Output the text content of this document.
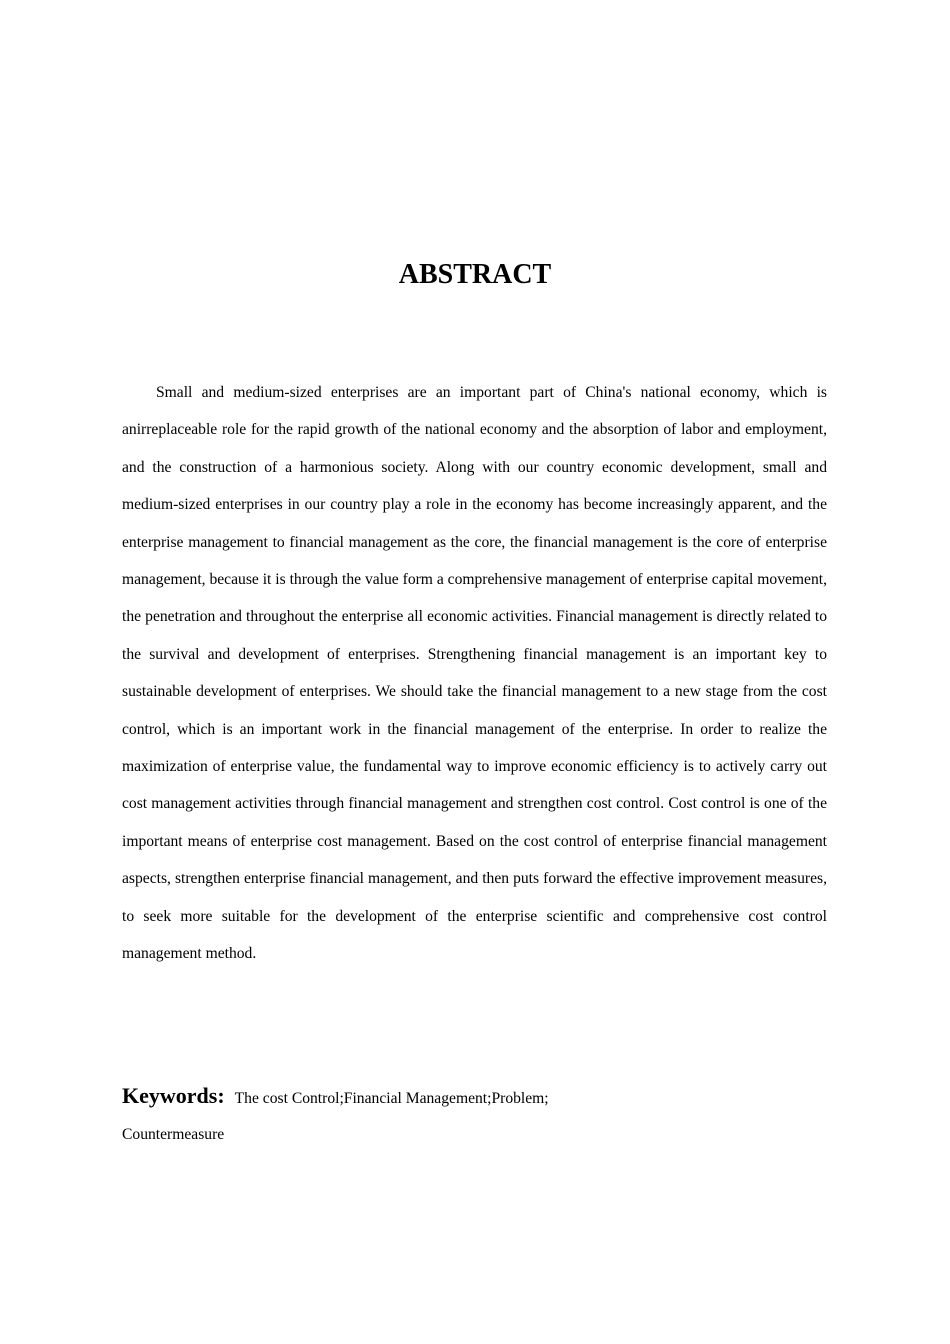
ABSTRACT

Small and medium-sized enterprises are an important part of China's national economy, which is anirreplaceable role for the rapid growth of the national economy and the absorption of labor and employment, and the construction of a harmonious society. Along with our country economic development, small and medium-sized enterprises in our country play a role in the economy has become increasingly apparent, and the enterprise management to financial management as the core, the financial management is the core of enterprise management, because it is through the value form a comprehensive management of enterprise capital movement, the penetration and throughout the enterprise all economic activities. Financial management is directly related to the survival and development of enterprises. Strengthening financial management is an important key to sustainable development of enterprises. We should take the financial management to a new stage from the cost control, which is an important work in the financial management of the enterprise. In order to realize the maximization of enterprise value, the fundamental way to improve economic efficiency is to actively carry out cost management activities through financial management and strengthen cost control. Cost control is one of the important means of enterprise cost management. Based on the cost control of enterprise financial management aspects, strengthen enterprise financial management, and then puts forward the effective improvement measures, to seek more suitable for the development of the enterprise scientific and comprehensive cost control management method.

Keywords: The cost Control;Financial Management;Problem;
Countermeasure
